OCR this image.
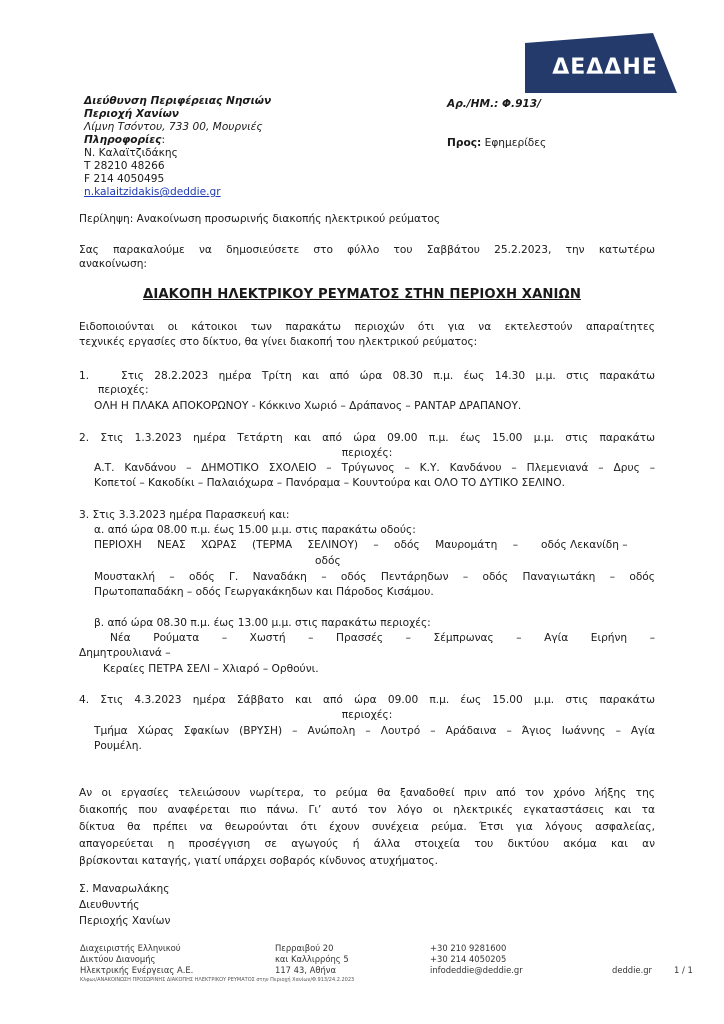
ΔΕΔΔΗΕ
Διεύθυνση Περιφέρειας Νησιών
Περιοχή Χανίων
Λίμνη Τσόντου, 733 00, Μουρνιές
Πληροφορίες:
Ν. Καλαϊτζιδάκης
Τ 28210 48266
F 214 4050495
n.kalaitzidakis@deddie.gr
Αρ./ΗΜ.: Φ.913/
Προς: Εφημερίδες
Περίληψη: Ανακοίνωση προσωρινής διακοπής ηλεκτρικού ρεύματος
Σας παρακαλούμε να δημοσιεύσετε στο φύλλο του Σαββάτου 25.2.2023, την κατωτέρω
ανακοίνωση:
ΔΙΑΚΟΠΗ ΗΛΕΚΤΡΙΚΟΥ ΡΕΥΜΑΤΟΣ ΣΤΗΝ ΠΕΡΙΟΧΗ ΧΑΝΙΩΝ
Ειδοποιούνται οι κάτοικοι των παρακάτω περιοχών ότι για να εκτελεστούν απαραίτητες
τεχνικές εργασίες στο δίκτυο, θα γίνει διακοπή του ηλεκτρικού ρεύματος:
1.	Στις 28.2.2023 ημέρα Τρίτη και από ώρα 08.30 π.μ. έως 14.30 μ.μ. στις παρακάτω
περιοχές:
ΟΛΗ Η ΠΛΑΚΑ ΑΠΟΚΟΡΩΝΟΥ - Κόκκινο Χωριό – Δράπανος – ΡΑΝΤΑΡ ΔΡΑΠΑΝΟΥ.
2. Στις 1.3.2023 ημέρα Τετάρτη και από ώρα 09.00 π.μ. έως 15.00 μ.μ. στις παρακάτω
περιοχές:
Α.Τ. Κανδάνου – ΔΗΜΟΤΙΚΟ ΣΧΟΛΕΙΟ – Τρύγωνος – Κ.Υ. Κανδάνου – Πλεμενιανά – Δρυς –
Κοπετοί – Κακοδίκι – Παλαιόχωρα – Πανόραμα – Κουντούρα και ΟΛΟ ΤΟ ΔΥΤΙΚΟ ΣΕΛΙΝΟ.
3. Στις 3.3.2023 ημέρα Παρασκευή και:
α. από ώρα 08.00 π.μ. έως 15.00 μ.μ. στις παρακάτω οδούς:
ΠΕΡΙΟΧΗ ΝΕΑΣ ΧΩΡΑΣ (ΤΕΡΜΑ ΣΕΛΙΝΟΥ) – οδός Μαυρομάτη – οδός Λεκανίδη –
οδός
Μουστακλή – οδός Γ. Ναναδάκη – οδός Πεντάρηδων – οδός Παναγιωτάκη – οδός
Πρωτοπαπαδάκη – οδός Γεωργακάκηδων και Πάροδος Κισάμου.
β. από ώρα 08.30 π.μ. έως 13.00 μ.μ. στις παρακάτω περιοχές:
Νέα Ρούματα – Χωστή – Πρασσές – Σέμπρωνας – Αγία Ειρήνη –
Δημητρουλιανά –
Κεραίες ΠΕΤΡΑ ΣΕΛΙ – Χλιαρό – Ορθούνι.
4. Στις 4.3.2023 ημέρα Σάββατο και από ώρα 09.00 π.μ. έως 15.00 μ.μ. στις παρακάτω
περιοχές:
Τμήμα Χώρας Σφακίων (ΒΡΥΣΗ) – Ανώπολη – Λουτρό – Αράδαινα – Άγιος Ιωάννης – Αγία
Ρουμέλη.
Αν οι εργασίες τελειώσουν νωρίτερα, το ρεύμα θα ξαναδοθεί πριν από τον χρόνο λήξης της
διακοπής που αναφέρεται πιο πάνω. Γι’ αυτό τον λόγο οι ηλεκτρικές εγκαταστάσεις και τα
δίκτυα θα πρέπει να θεωρούνται ότι έχουν συνέχεια ρεύμα. Έτσι για λόγους ασφαλείας,
απαγορεύεται η προσέγγιση σε αγωγούς ή άλλα στοιχεία του δικτύου ακόμα και αν
βρίσκονται καταγής, γιατί υπάρχει σοβαρός κίνδυνος ατυχήματος.
Σ. Μαναρωλάκης
Διευθυντής
Περιοχής Χανίων
Διαχειριστής Ελληνικού
Δικτύου Διανομής
Ηλεκτρικής Ενέργειας Α.Ε.
Περραιβού 20
και Καλλιρρόης 5
117 43, Αθήνα
+30 210 9281600
+30 214 4050205
infodeddie@deddie.gr	deddie.gr	1 / 1
Κλφωι/ΑΝΑΚΟΙΝΩΣΗ ΠΡΟΣΩΡΙΝΗΣ ΔΙΑΚΟΠΗΣ ΗΛΕΚΤΡΙΚΟΥ ΡΕΥΜΑΤΟΣ στην Περιοχή Χανίων/Φ.913/24.2.2023
